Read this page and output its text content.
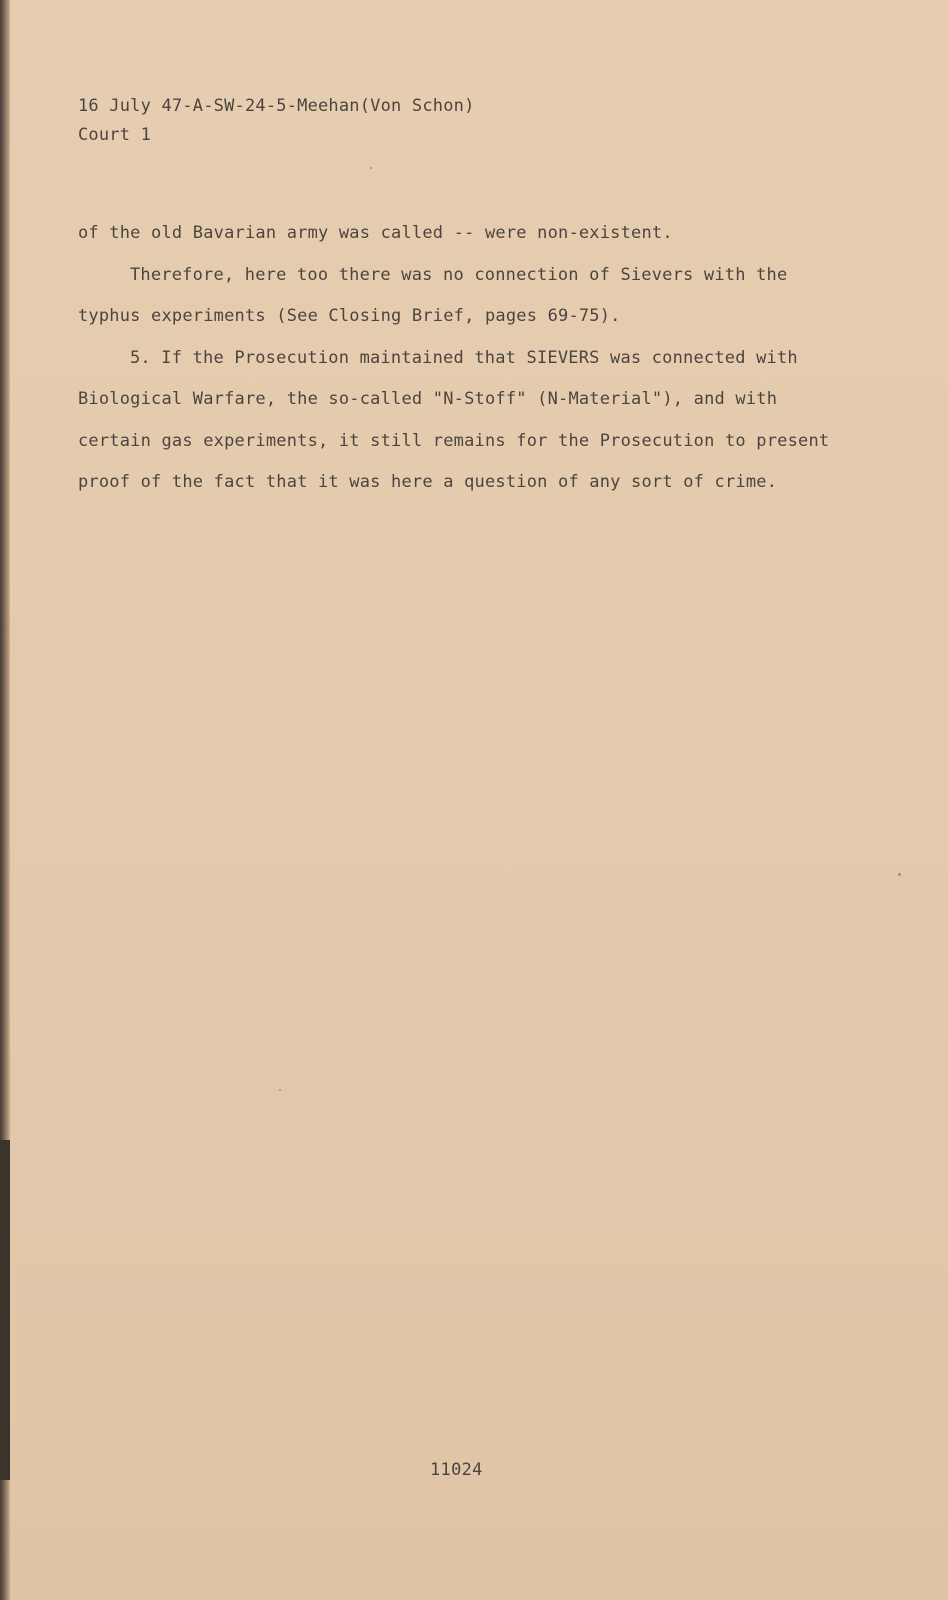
16 July 47-A-SW-24-5-Meehan(Von Schon)
Court 1
of the old Bavarian army was called -- were non-existent.
Therefore, here too there was no connection of Sievers with the
typhus experiments (See Closing Brief, pages 69-75).
5. If the Prosecution maintained that SIEVERS was connected with
Biological Warfare, the so-called "N-Stoff" (N-Material"), and with
certain gas experiments, it still remains for the Prosecution to present
proof of the fact that it was here a question of any sort of crime.
11024
